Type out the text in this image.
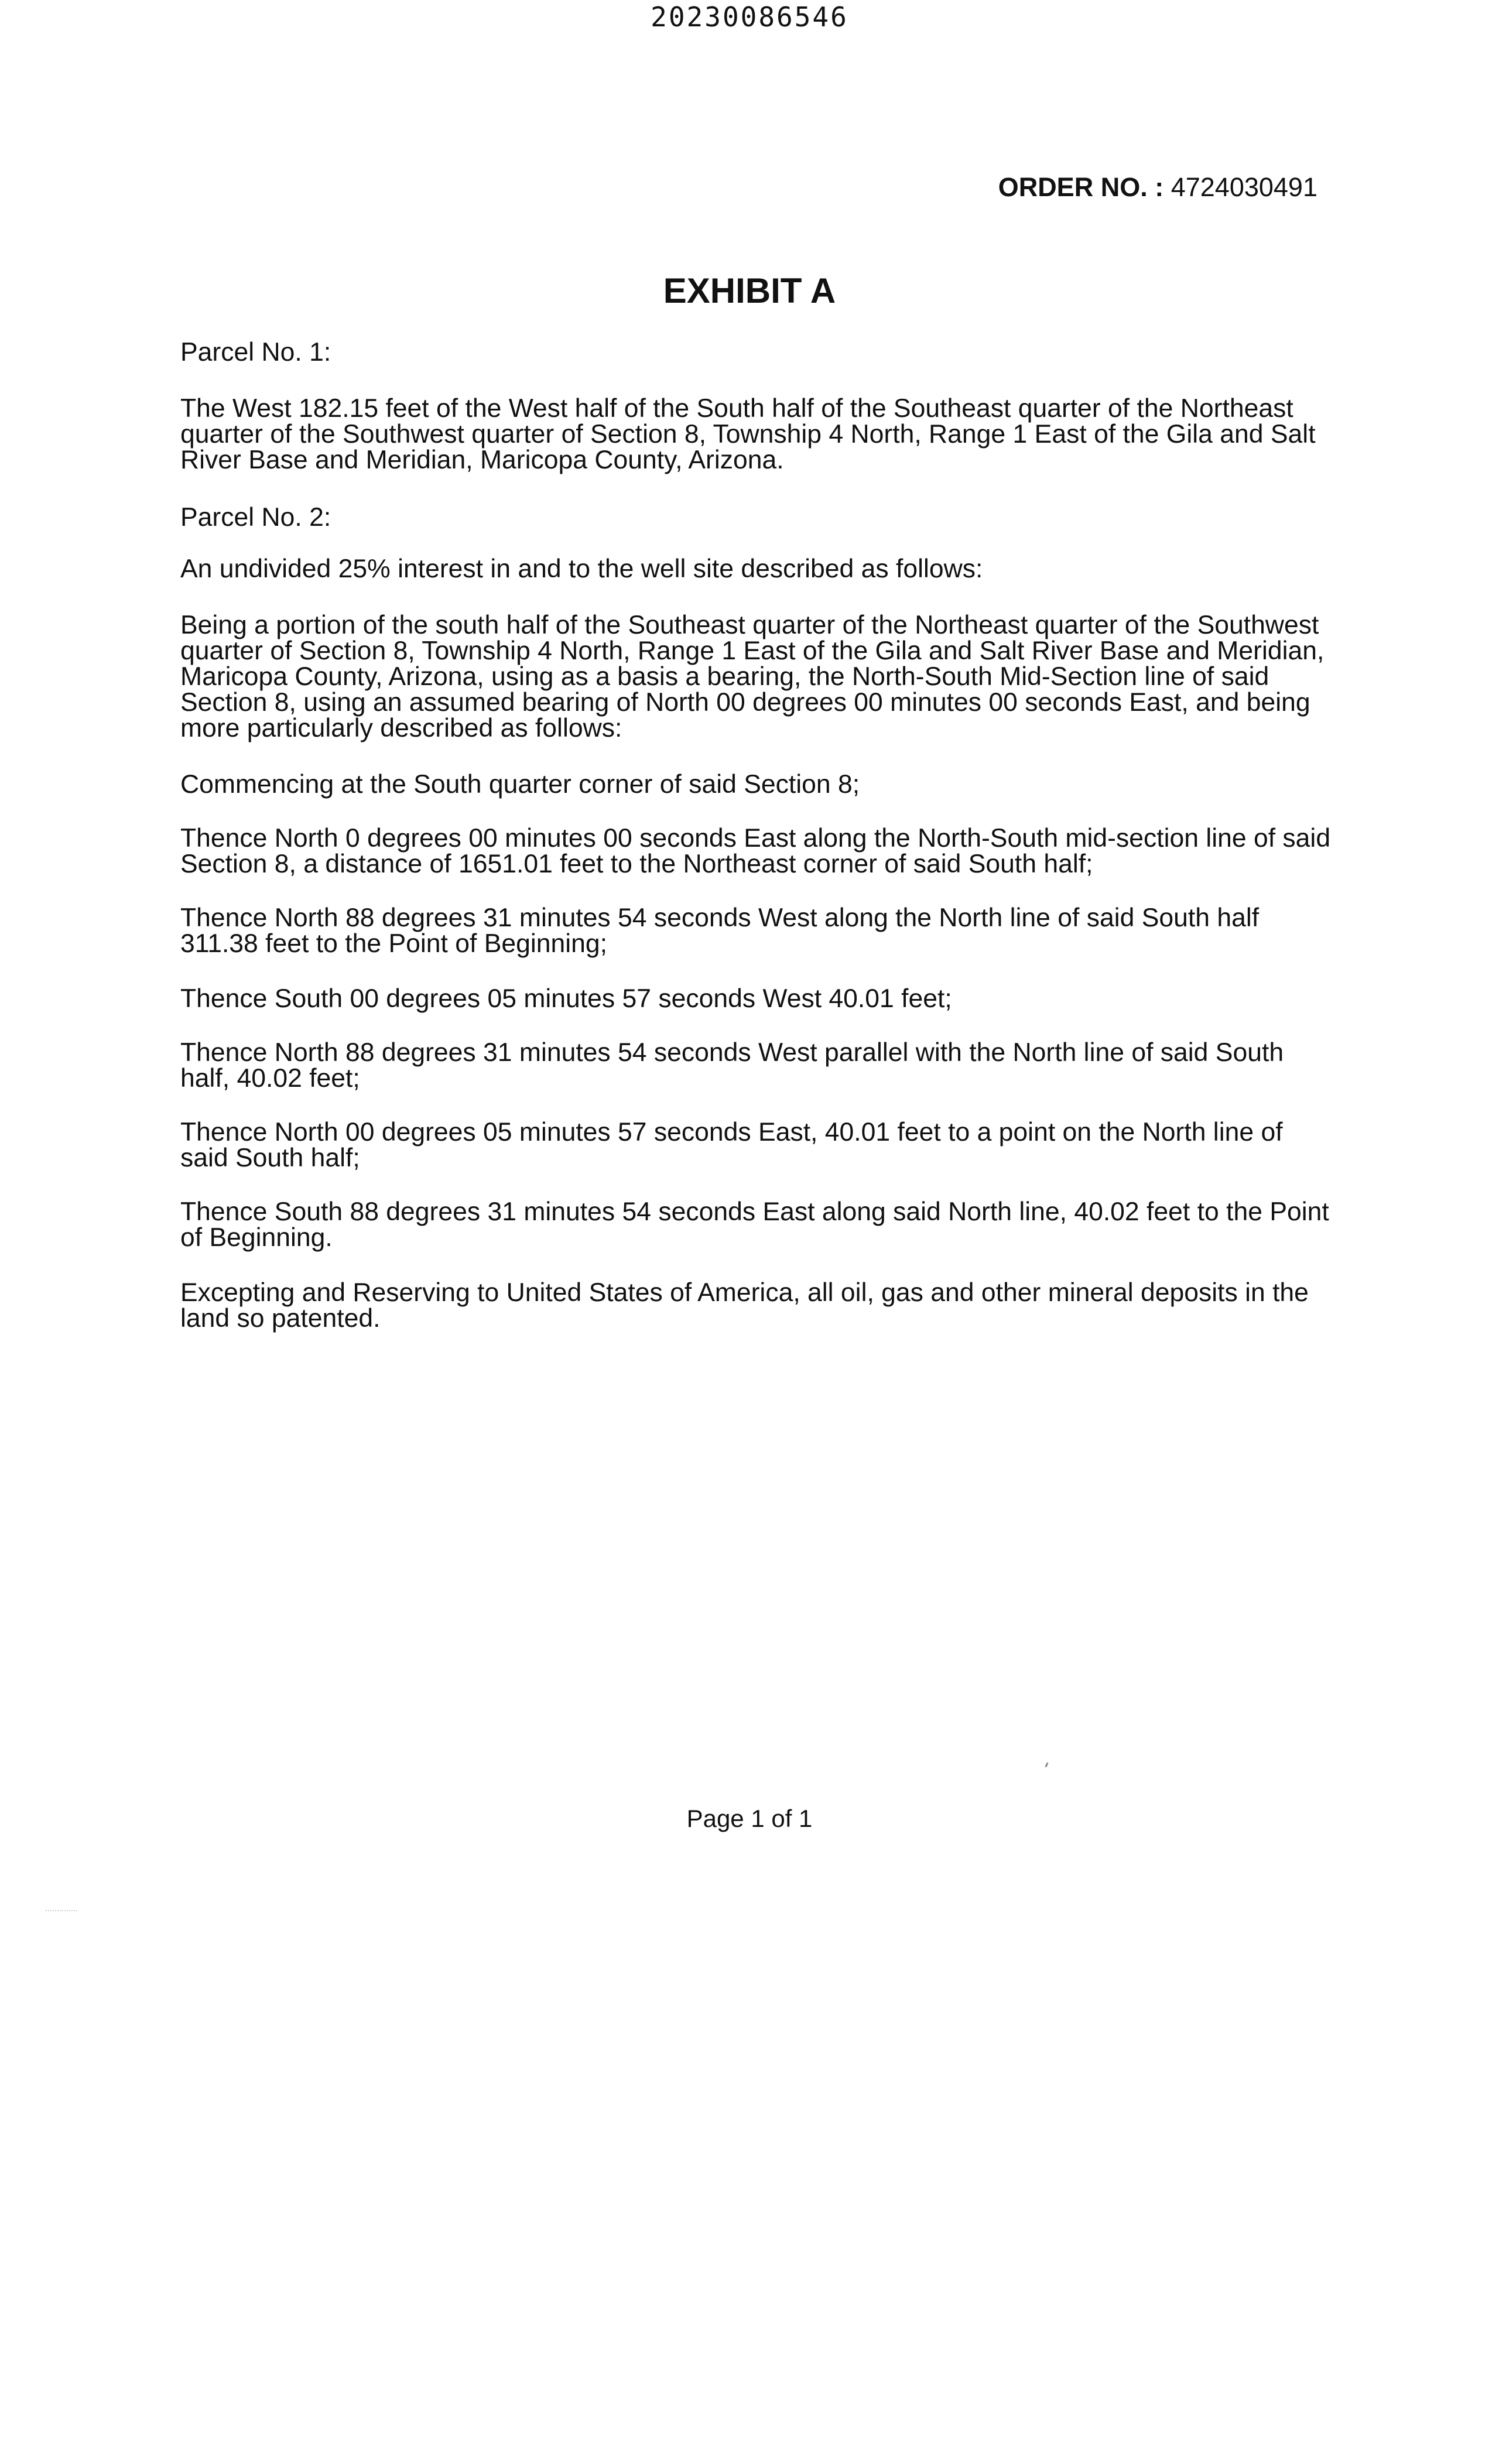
20230086546
ORDER NO. : 4724030491
EXHIBIT A
Parcel No. 1:
The West 182.15 feet of the West half of the South half of the Southeast quarter of the Northeast quarter of the Southwest quarter of Section 8, Township 4 North, Range 1 East of the Gila and Salt River Base and Meridian, Maricopa County, Arizona.
Parcel No. 2:
An undivided 25% interest in and to the well site described as follows:
Being a portion of the south half of the Southeast quarter of the Northeast quarter of the Southwest quarter of Section 8, Township 4 North, Range 1 East of the Gila and Salt River Base and Meridian, Maricopa County, Arizona, using as a basis a bearing, the North-South Mid-Section line of said Section 8, using an assumed bearing of North 00 degrees 00 minutes 00 seconds East, and being more particularly described as follows:
Commencing at the South quarter corner of said Section 8;
Thence North 0 degrees 00 minutes 00 seconds East along the North-South mid-section line of said Section 8, a distance of 1651.01 feet to the Northeast corner of said South half;
Thence North 88 degrees 31 minutes 54 seconds West along the North line of said South half 311.38 feet to the Point of Beginning;
Thence South 00 degrees 05 minutes 57 seconds West 40.01 feet;
Thence North 88 degrees 31 minutes 54 seconds West parallel with the North line of said South half, 40.02 feet;
Thence North 00 degrees 05 minutes 57 seconds East, 40.01 feet to a point on the North line of said South half;
Thence South 88 degrees 31 minutes 54 seconds East along said North line, 40.02 feet to the Point of Beginning.
Excepting and Reserving to United States of America, all oil, gas and other mineral deposits in the land so patented.
Page 1 of 1
